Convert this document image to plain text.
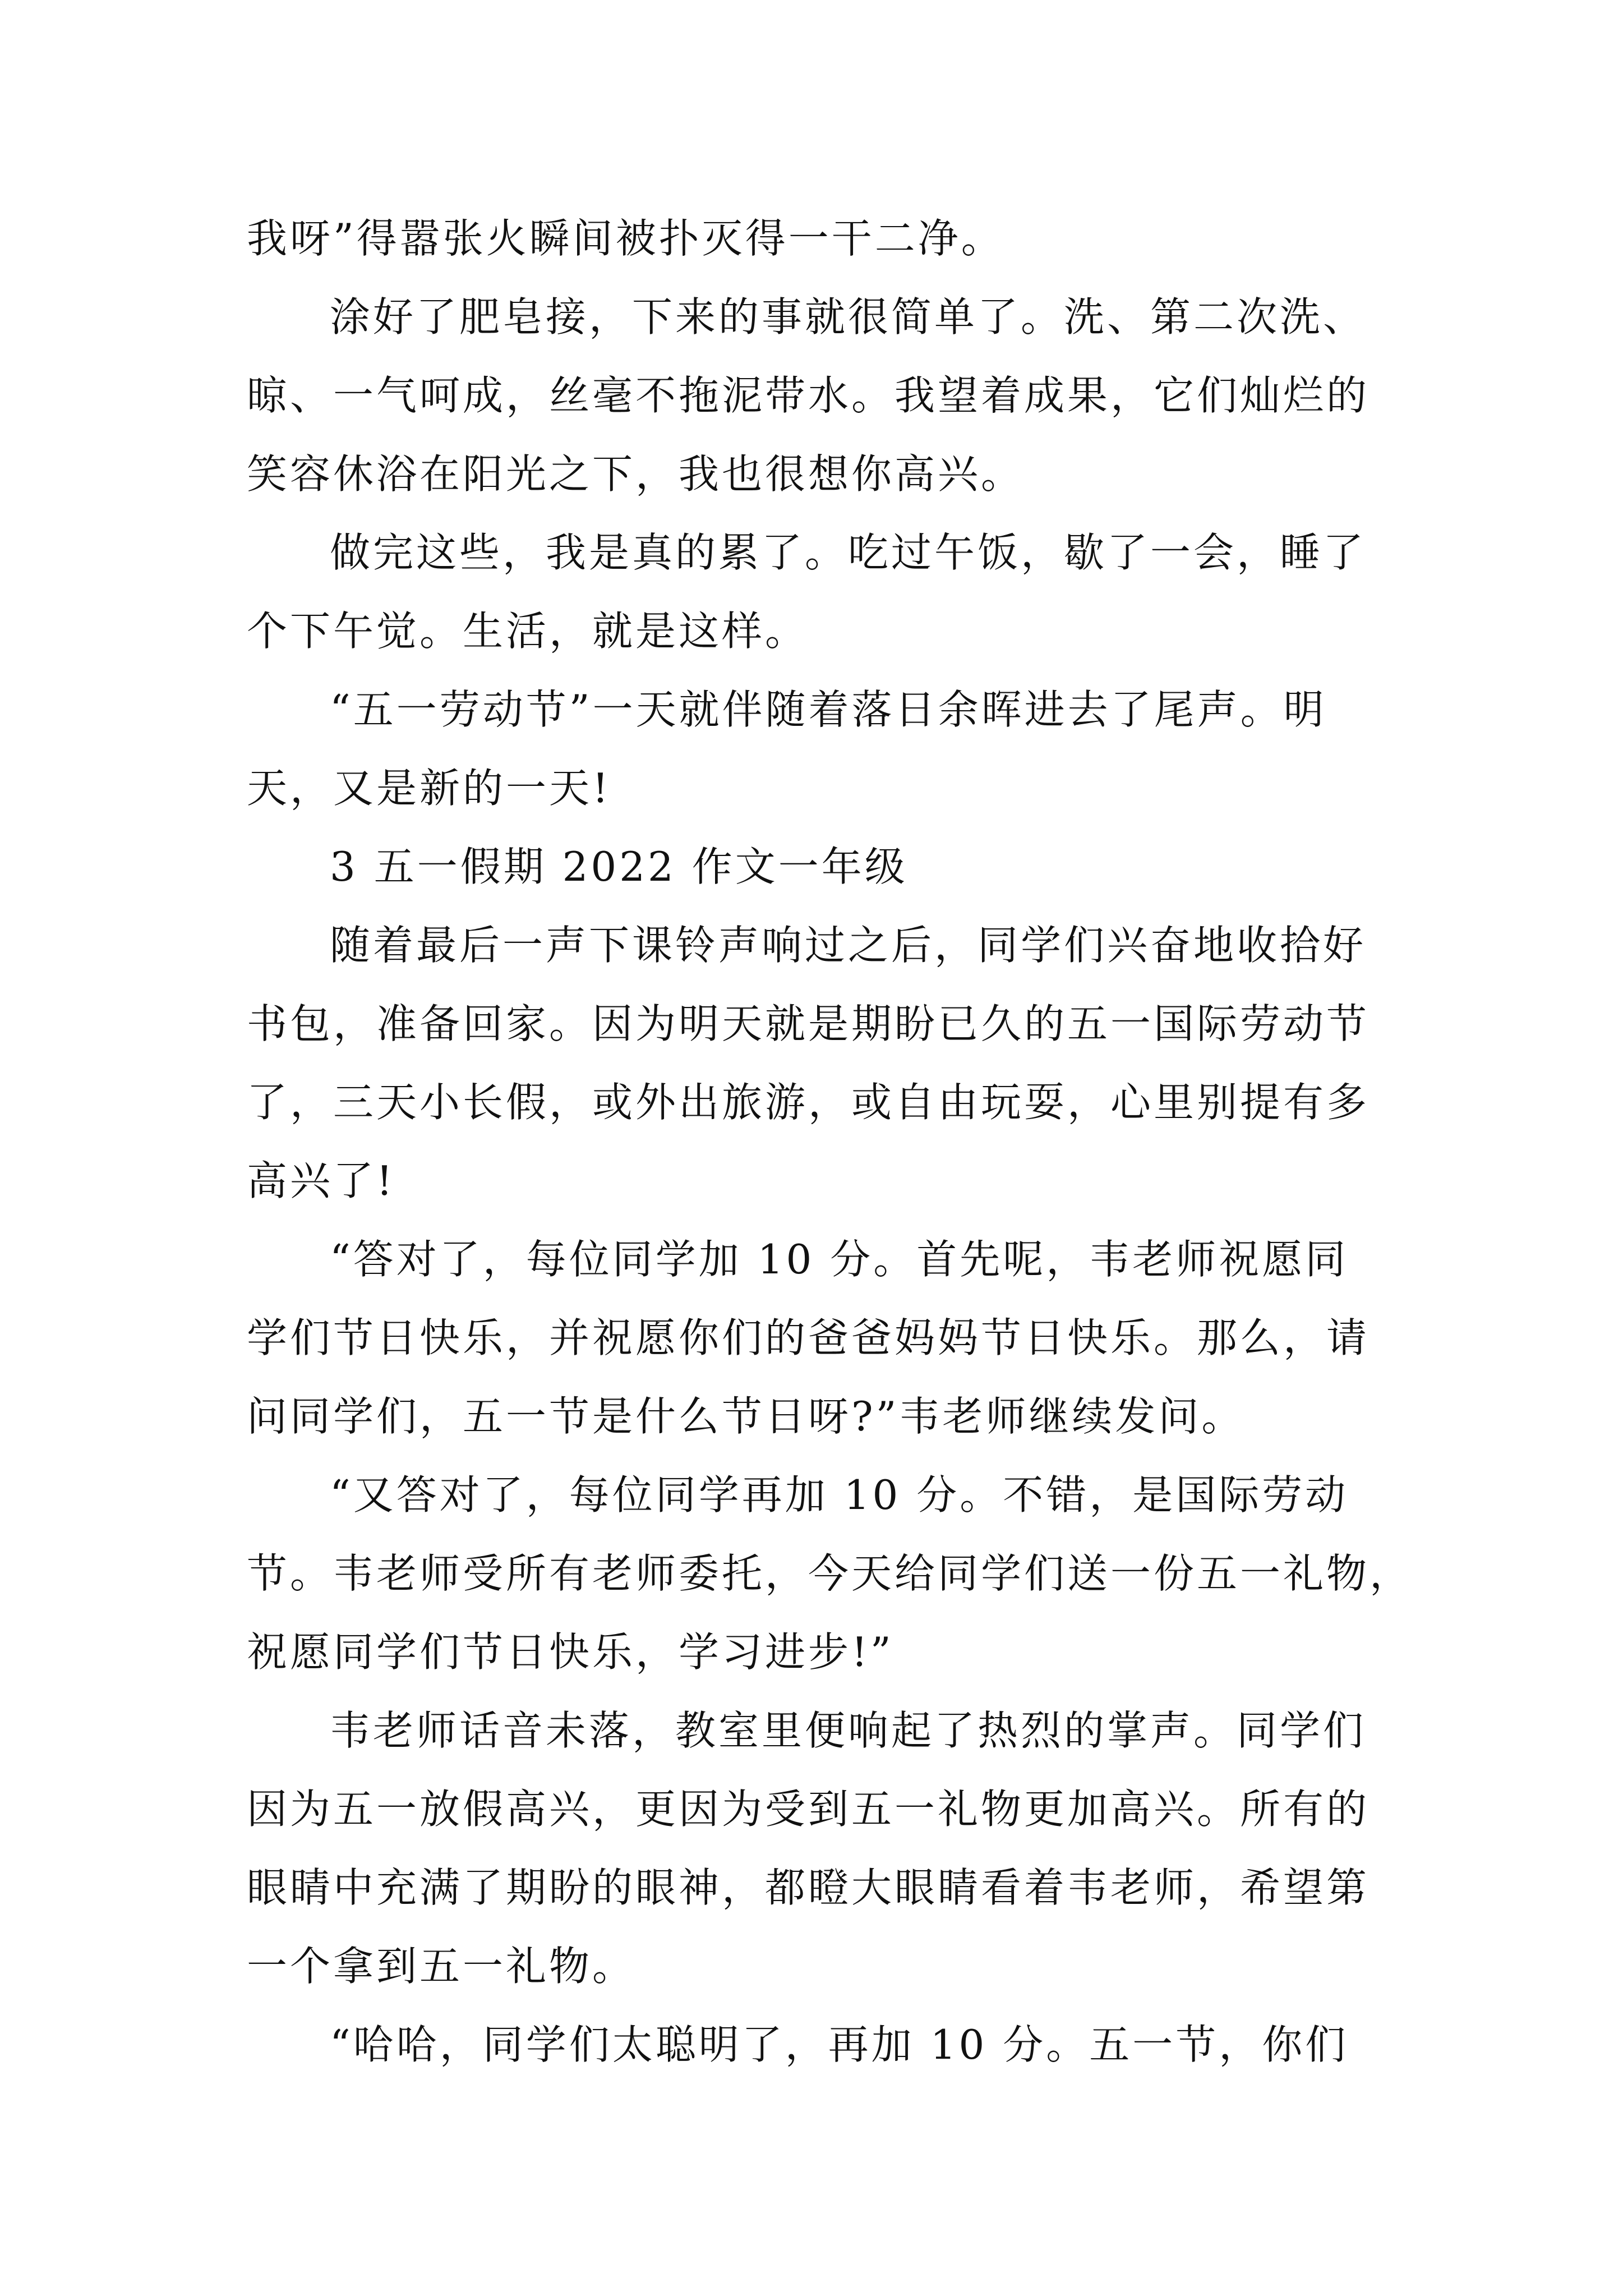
我呀”得嚣张火瞬间被扑灭得一干二净。
涂好了肥皂接，下来的事就很简单了。洗、第二次洗、
晾、一气呵成，丝毫不拖泥带水。我望着成果，它们灿烂的
笑容休浴在阳光之下，我也很想你高兴。
做完这些，我是真的累了。吃过午饭，歇了一会，睡了
个下午觉。生活，就是这样。
“五一劳动节”一天就伴随着落日余晖进去了尾声。明
天，又是新的一天!
3 五一假期 2022 作文一年级
随着最后一声下课铃声响过之后，同学们兴奋地收拾好
书包，准备回家。因为明天就是期盼已久的五一国际劳动节
了，三天小长假，或外出旅游，或自由玩耍，心里别提有多
高兴了!
“答对了，每位同学加 10 分。首先呢，韦老师祝愿同
学们节日快乐，并祝愿你们的爸爸妈妈节日快乐。那么，请
问同学们，五一节是什么节日呀?”韦老师继续发问。
“又答对了，每位同学再加 10 分。不错，是国际劳动
节。韦老师受所有老师委托，今天给同学们送一份五一礼物，
祝愿同学们节日快乐，学习进步!”
韦老师话音未落，教室里便响起了热烈的掌声。同学们
因为五一放假高兴，更因为受到五一礼物更加高兴。所有的
眼睛中充满了期盼的眼神，都瞪大眼睛看着韦老师，希望第
一个拿到五一礼物。
“哈哈，同学们太聪明了，再加 10 分。五一节，你们
